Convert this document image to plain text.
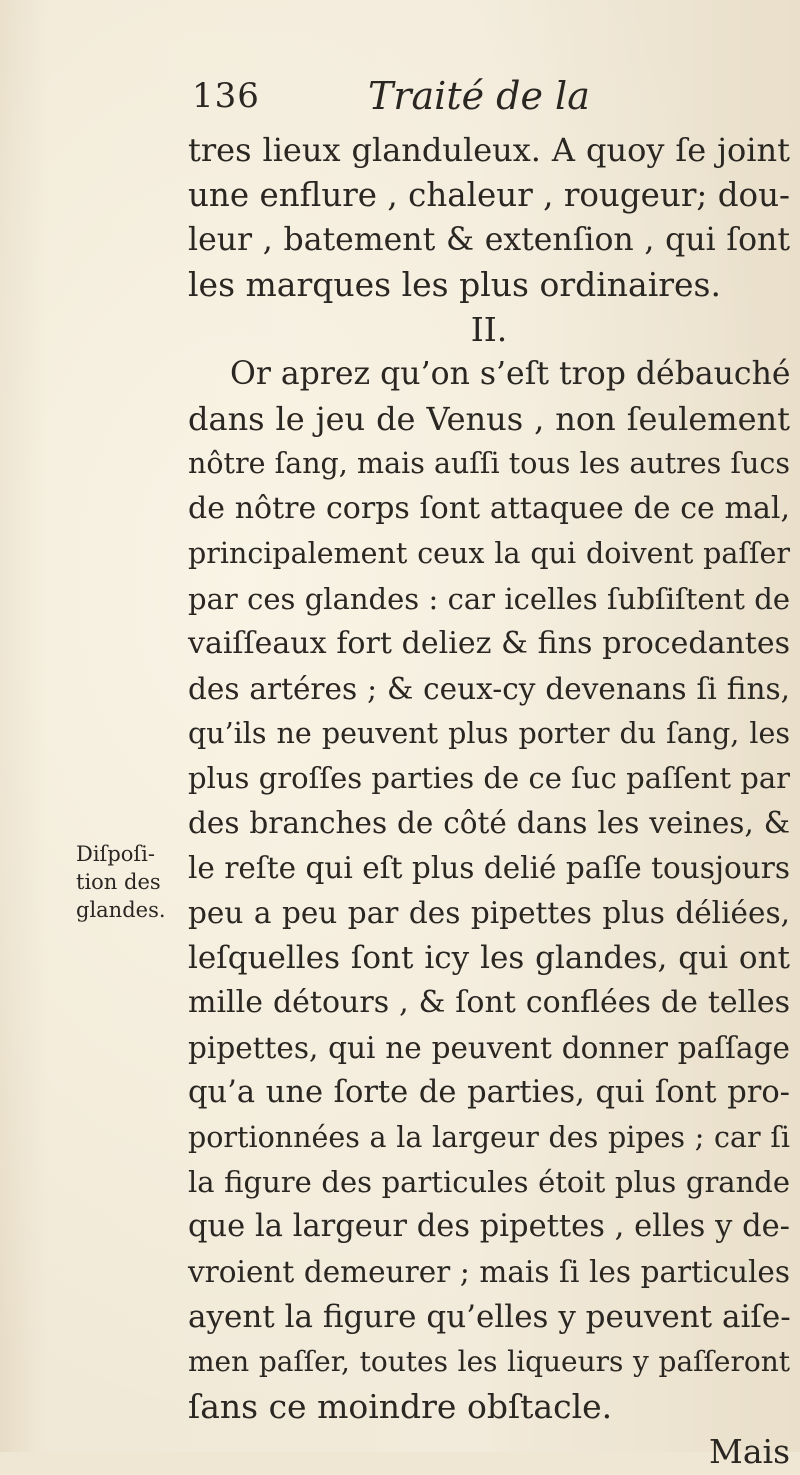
136	Traité de la
Diſpoſi-
tion des
glandes.
tres lieux glanduleux. A quoy ſe joint
une enflure , chaleur , rougeur; dou-
leur , batement & extenſion , qui ſont
les marques les plus ordinaires.
II.
Or aprez qu’on s’eſt trop débauché
dans le jeu de Venus , non ſeulement
nôtre ſang, mais auſſi tous les autres ſucs
de nôtre corps ſont attaquee de ce mal,
principalement ceux la qui doivent paſſer
par ces glandes : car icelles ſubſiſtent de
vaiſſeaux fort deliez & fins procedantes
des artéres ; & ceux-cy devenans ſi fins,
qu’ils ne peuvent plus porter du ſang, les
plus groſſes parties de ce ſuc paſſent par
des branches de côté dans les veines, &
le reſte qui eſt plus delié paſſe tousjours
peu a peu par des pipettes plus déliées,
leſquelles ſont icy les glandes, qui ont
mille détours , & ſont conflées de telles
pipettes, qui ne peuvent donner paſſage
qu’a une ſorte de parties, qui ſont pro-
portionnées a la largeur des pipes ; car ſi
la figure des particules étoit plus grande
que la largeur des pipettes , elles y de-
vroient demeurer ; mais ſi les particules
ayent la figure qu’elles y peuvent aiſe-
men paſſer, toutes les liqueurs y paſſeront
ſans ce moindre obſtacle.
Mais
